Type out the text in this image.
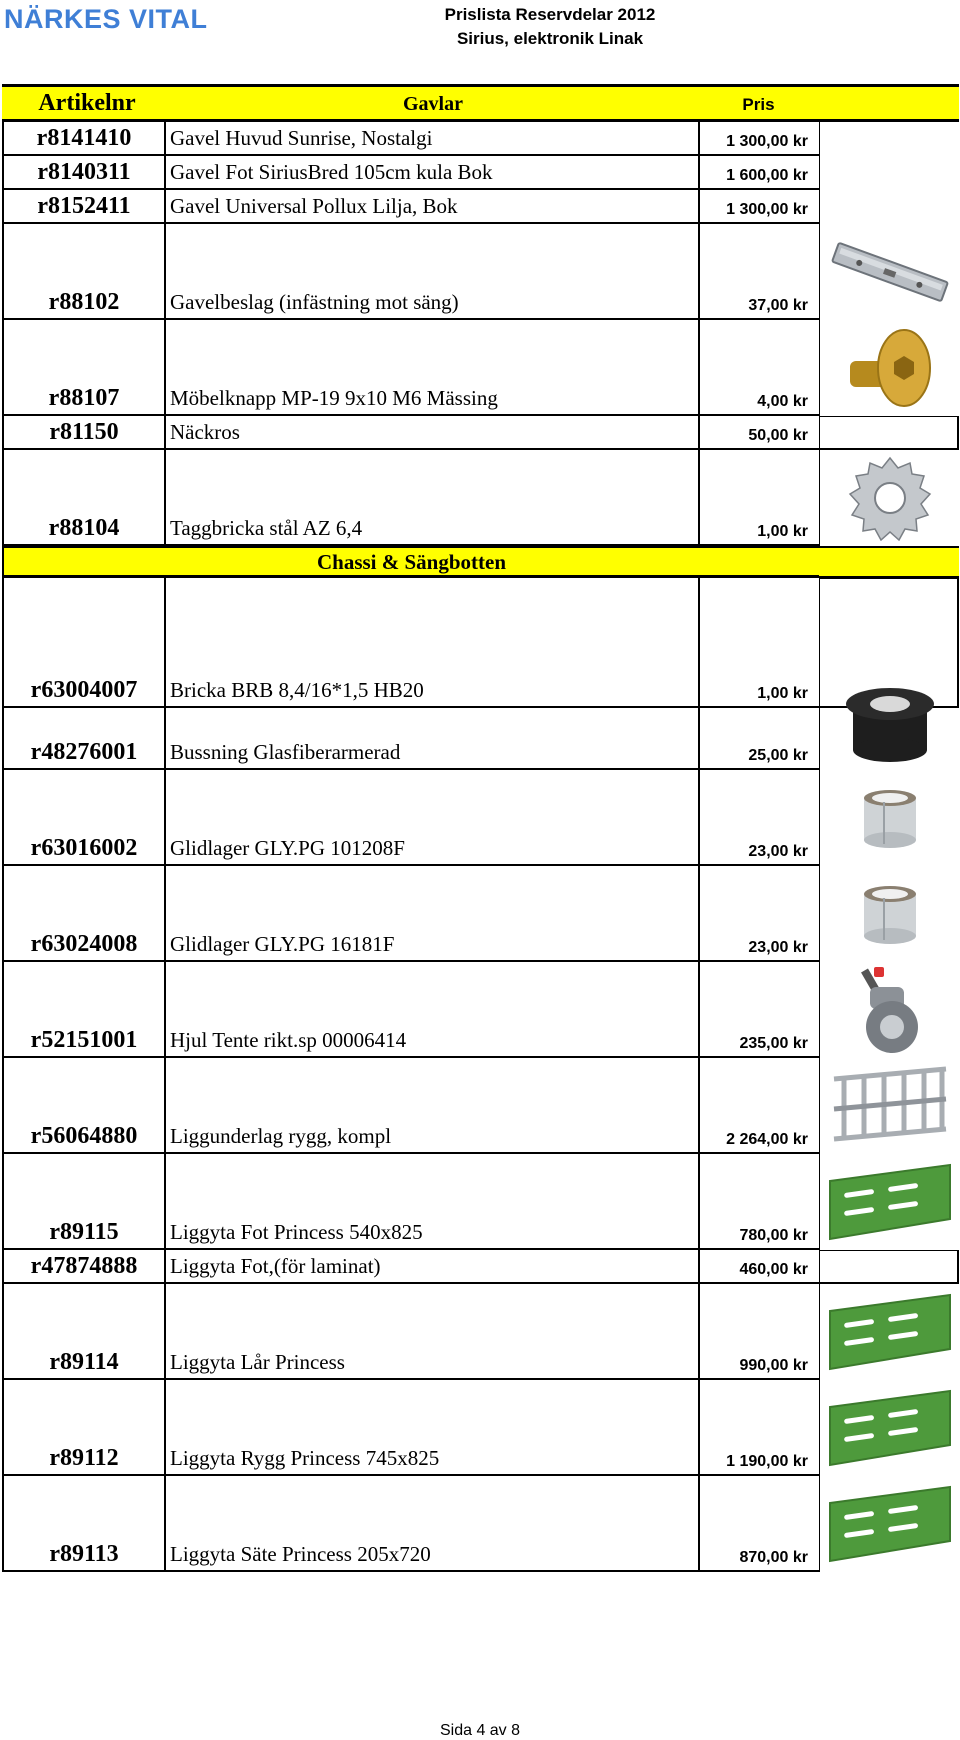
NÄRKES VITAL	Prislista Reservdelar 2012
Sirius, elektronik Linak
Artikelnr	Gavlar	Pris
r8141410	Gavel Huvud Sunrise, Nostalgi	1 300,00 kr
r8140311	Gavel Fot SiriusBred 105cm kula Bok	1 600,00 kr
r8152411	Gavel Universal Pollux Lilja, Bok	1 300,00 kr
r88102	Gavelbeslag (infästning mot säng)	37,00 kr
r88107	Möbelknapp MP-19 9x10 M6 Mässing	4,00 kr
r81150	Näckros	50,00 kr
r88104	Taggbricka stål AZ 6,4	1,00 kr
r63004007	Bricka BRB 8,4/16*1,5 HB20	1,00 kr
r48276001	Bussning Glasfiberarmerad	25,00 kr
r63016002	Glidlager GLY.PG 101208F	23,00 kr
r63024008	Glidlager GLY.PG 16181F	23,00 kr
r52151001	Hjul Tente rikt.sp 00006414	235,00 kr
r56064880	Liggunderlag rygg, kompl	2 264,00 kr
r89115	Liggyta Fot Princess 540x825	780,00 kr
r47874888	Liggyta Fot,(för laminat)	460,00 kr
r89114	Liggyta Lår Princess	990,00 kr
r89112	Liggyta Rygg Princess 745x825	1 190,00 kr
r89113	Liggyta Säte Princess 205x720	870,00 kr
Chassi & Sängbotten
Sida 4 av 8
